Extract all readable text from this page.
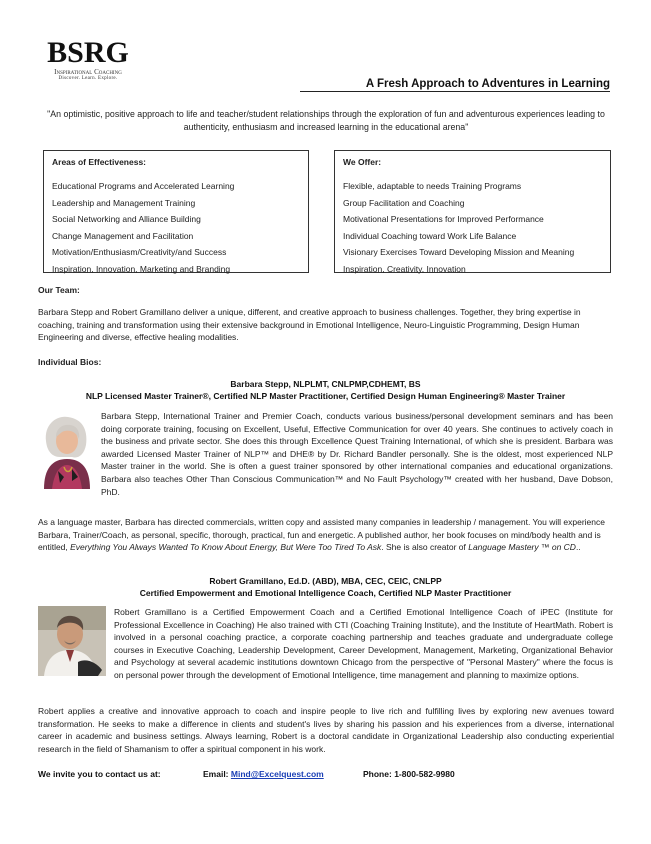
BSRG
Inspirational Coaching
Discover. Learn. Explore.	A Fresh Approach to Adventures in Learning
"An optimistic, positive approach to life and teacher/student relationships through the exploration of fun and adventurous experiences leading to authenticity, enthusiasm and increased learning in the educational arena"
Areas of Effectiveness:
Educational Programs and Accelerated Learning
Leadership and Management Training
Social Networking and Alliance Building
Change Management and Facilitation
Motivation/Enthusiasm/Creativity/and Success
Inspiration, Innovation, Marketing and Branding
We Offer:
Flexible, adaptable to needs Training Programs
Group Facilitation and Coaching
Motivational Presentations for Improved Performance
Individual Coaching toward Work Life Balance
Visionary Exercises Toward Developing Mission and Meaning
Inspiration, Creativity, Innovation
Our Team:
Barbara Stepp and Robert Gramillano deliver a unique, different, and creative approach to business challenges. Together, they bring expertise in coaching, training and transformation using their extensive background in Emotional Intelligence, Neuro-Linguistic Programming, Design Human Engineering and diverse, effective healing modalities.
Individual Bios:
Barbara Stepp, NLPLMT, CNLPMP,CDHEMT, BS
NLP Licensed Master Trainer®, Certified NLP Master Practitioner, Certified Design Human Engineering® Master Trainer
Barbara Stepp, International Trainer and Premier Coach, conducts various business/personal development seminars and has been doing corporate training, focusing on Excellent, Useful, Effective Communication for over 40 years. She continues to actively coach in the business and private sector. She does this through Excellence Quest Training International, of which she is president. Barbara was awarded Licensed Master Trainer of NLP™ and DHE® by Dr. Richard Bandler personally. She is the oldest, most experienced NLP Master trainer in the world. She is often a guest trainer sponsored by other international companies and educational organizations. Barbara also teaches Other Than Conscious Communication™ and No Fault Psychology™ created with her husband, Dave Dobson, PhD.
As a language master, Barbara has directed commercials, written copy and assisted many companies in leadership / management. You will experience Barbara, Trainer/Coach, as personal, specific, thorough, practical, fun and energetic. A published author, her book focuses on mind/body health and is entitled, Everything You Always Wanted To Know About Energy, But Were Too Tired To Ask. She is also creator of Language Mastery ™ on CD..
Robert Gramillano, Ed.D. (ABD), MBA, CEC, CEIC, CNLPP
Certified Empowerment and Emotional Intelligence Coach, Certified NLP Master Practitioner
Robert Gramillano is a Certified Empowerment Coach and a Certified Emotional Intelligence Coach of iPEC (Institute for Professional Excellence in Coaching) He also trained with CTI (Coaching Training Institute), and the Institute of HeartMath. Robert is involved in a personal coaching practice, a corporate coaching partnership and teaches graduate and undergraduate college courses in Executive Coaching, Leadership Development, Career Development, Management, Marketing, Organizational Behavior and Psychology at several academic institutions downtown Chicago from the perspective of "Personal Mastery" where the focus is on personal power through the development of Emotional Intelligence, time management and planning to maximize options.
Robert applies a creative and innovative approach to coach and inspire people to live rich and fulfilling lives by exploring new avenues toward transformation. He seeks to make a difference in clients and student's lives by sharing his passion and his experiences from a diverse, international career in academic and business settings. Always learning, Robert is a doctoral candidate in Organizational Leadership also conducting experiential research in the field of Shamanism to offer a spiritual component in his work.
We invite you to contact us at:	Email: Mind@Excelquest.com	Phone: 1-800-582-9980
